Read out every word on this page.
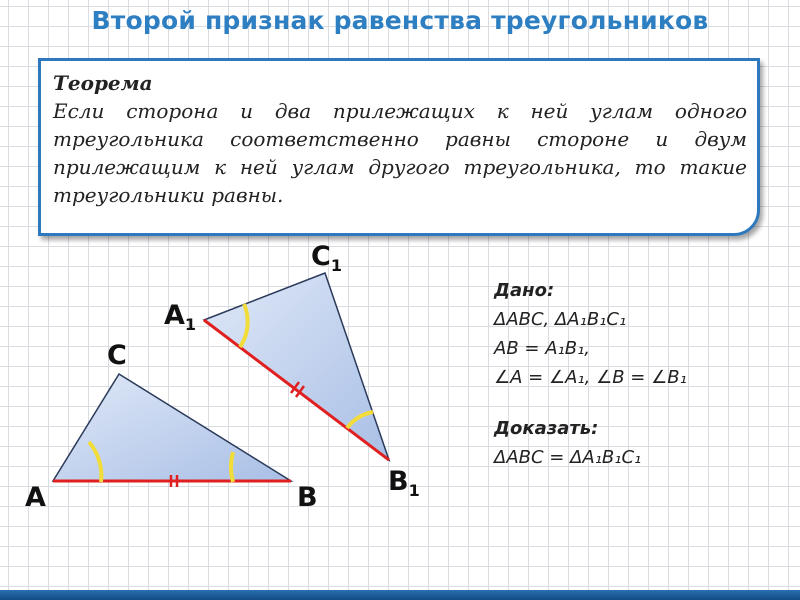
Второй признак равенства треугольников
Теорема
Если сторона и два прилежащих к ней углам одного треугольника соответственно равны стороне и двум прилежащим к ней углам другого треугольника, то такие треугольники равны.
A	B
C
$A_1$
$B_1$
$C_1$
Дано:
ΔABC, ΔA₁B₁C₁
AB = A₁B₁,
∠A = ∠A₁, ∠B = ∠B₁
Доказать:
ΔABC = ΔA₁B₁C₁
